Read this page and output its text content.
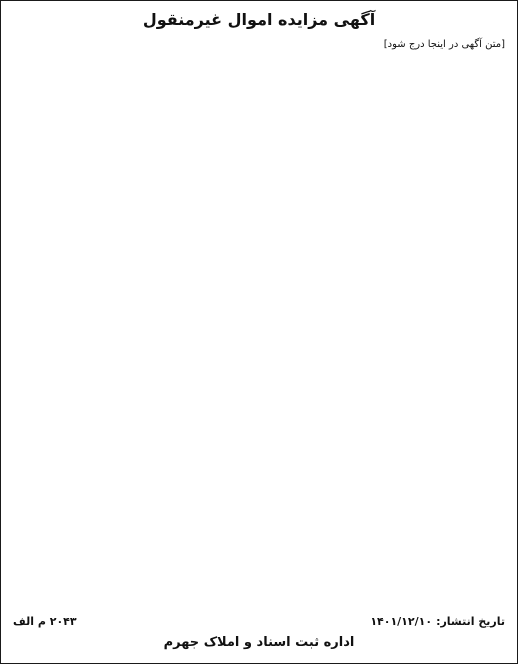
آگهی مزایده اموال غیرمنقول

[متن آگهی در اینجا درج شود]

تاریخ انتشار:
۱۴۰۱/۱۲/۱۰
۲۰۴۳ م الف
اداره ثبت اسناد و املاک جهرم
